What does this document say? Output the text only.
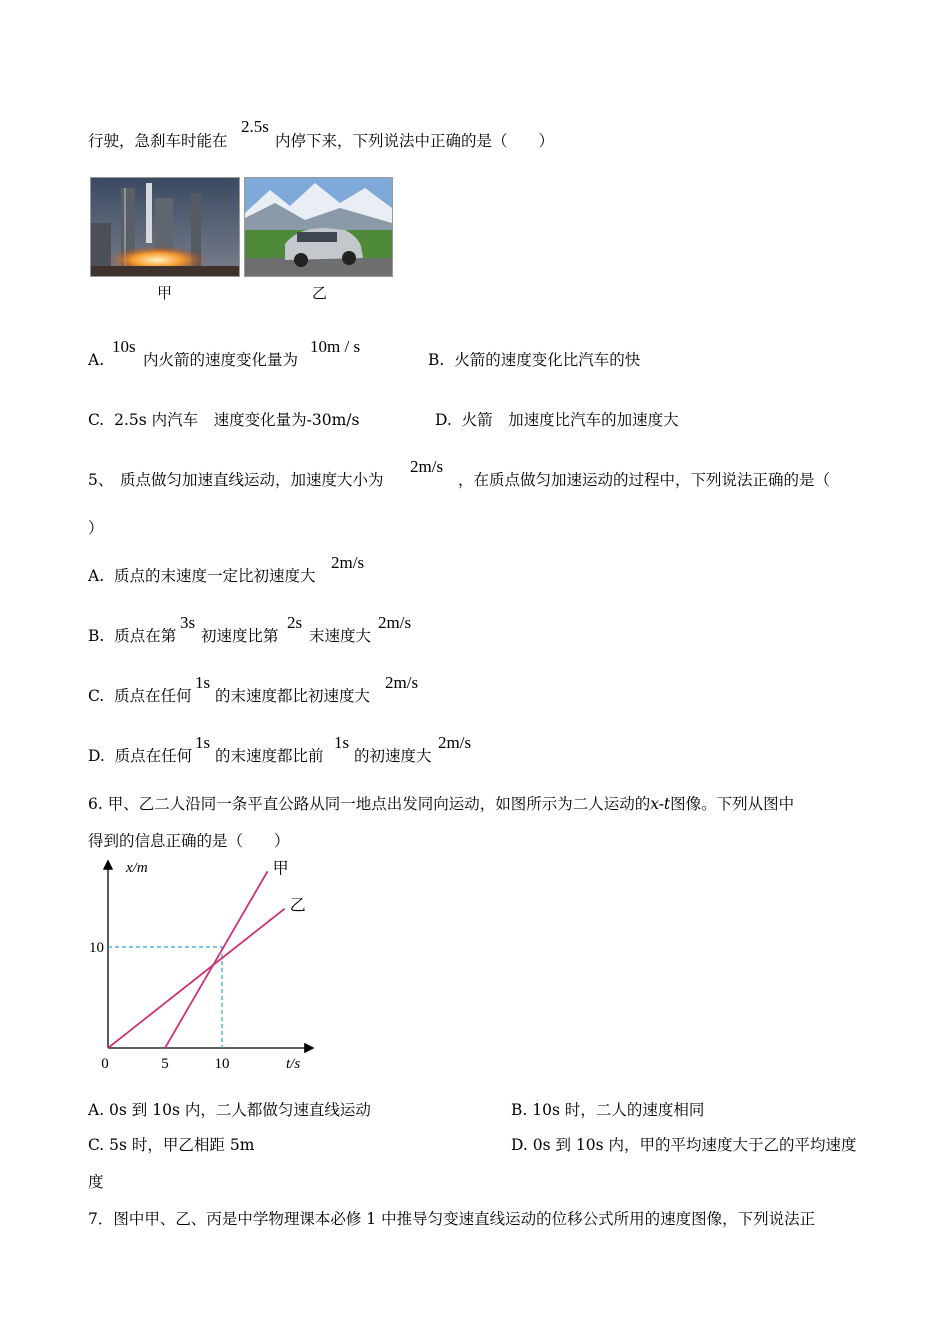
行驶，急刹车时能在
2.5s
内停下来，下列说法中正确的是（　　）
甲	乙
A.
10s
内火箭的速度变化量为
10m / s
B. 火箭的速度变化比汽车的快
C. 2.5s 内汽车　速度变化量为-30m/s	D. 火箭　加速度比汽车的加速度大
5、 质点做匀加速直线运动，加速度大小为
2m/s
，在质点做匀加速运动的过程中，下列说法正确的是（
）
A. 质点的末速度一定比初速度大
2m/s
B. 质点在第
3s
初速度比第
2s
末速度大
2m/s
C. 质点在任何
1s
的末速度都比初速度大
2m/s
D. 质点在任何
1s
的末速度都比前
1s
的初速度大
2m/s
6. 甲、乙二人沿同一条平直公路从同一地点出发同向运动，如图所示为二人运动的x-t图像。下列从图中
得到的信息正确的是（　　）
甲
乙
0	5	10
10
x/m
t/s
A. 0s 到 10s 内，二人都做匀速直线运动	B. 10s 时，二人的速度相同
C. 5s 时，甲乙相距 5m	D. 0s 到 10s 内，甲的平均速度大于乙的平均速度
度
7．图中甲、乙、丙是中学物理课本必修 1 中推导匀变速直线运动的位移公式所用的速度图像，下列说法正
